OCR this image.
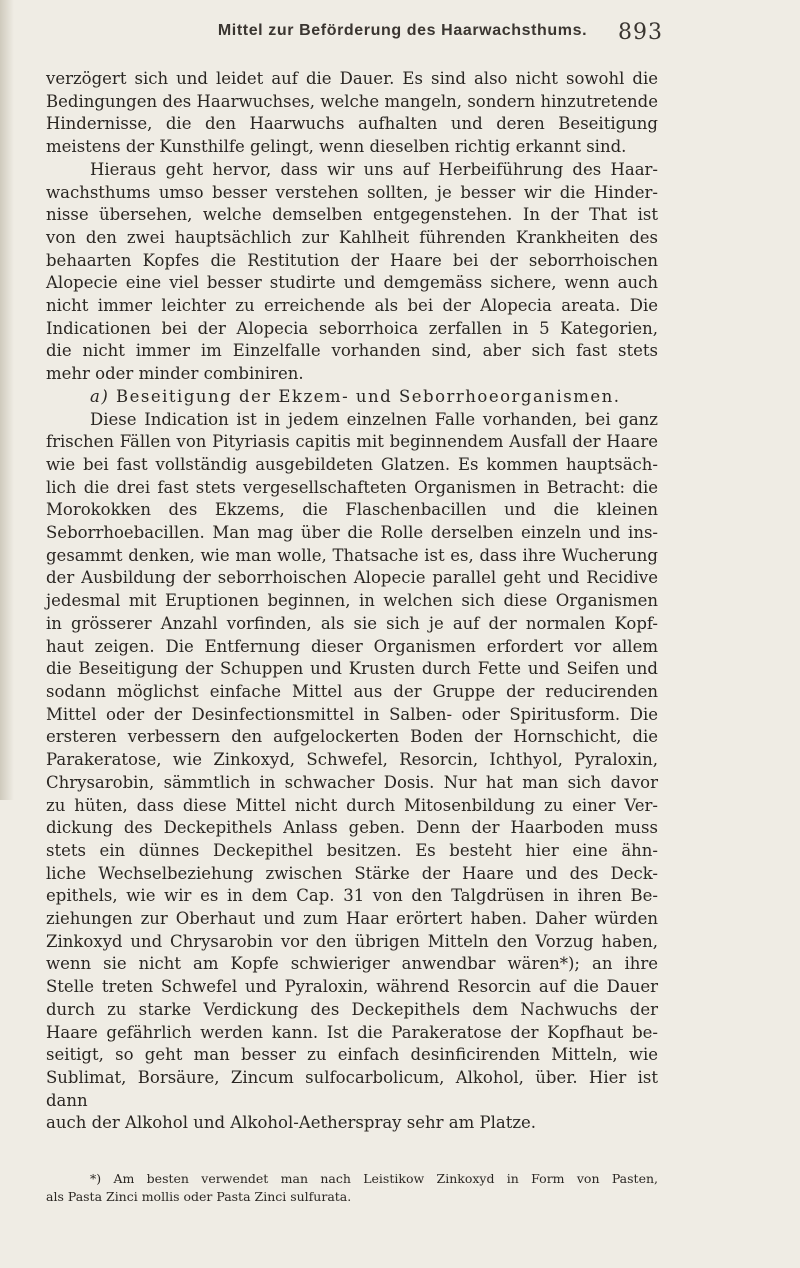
Mittel zur Beförderung des Haarwachsthums.	893
verzögert sich und leidet auf die Dauer. Es sind also nicht sowohl die
Bedingungen des Haarwuchses, welche mangeln, sondern hinzutretende
Hindernisse, die den Haarwuchs aufhalten und deren Beseitigung
meistens der Kunsthilfe gelingt, wenn dieselben richtig erkannt sind.
Hieraus geht hervor, dass wir uns auf Herbeiführung des Haar-
wachsthums umso besser verstehen sollten, je besser wir die Hinder-
nisse übersehen, welche demselben entgegenstehen. In der That ist
von den zwei hauptsächlich zur Kahlheit führenden Krankheiten des
behaarten Kopfes die Restitution der Haare bei der seborrhoischen
Alopecie eine viel besser studirte und demgemäss sichere, wenn auch
nicht immer leichter zu erreichende als bei der Alopecia areata. Die
Indicationen bei der Alopecia seborrhoica zerfallen in 5 Kategorien,
die nicht immer im Einzelfalle vorhanden sind, aber sich fast stets
mehr oder minder combiniren.
a) Beseitigung der Ekzem- und Seborrhoeorganismen.
Diese Indication ist in jedem einzelnen Falle vorhanden, bei ganz
frischen Fällen von Pityriasis capitis mit beginnendem Ausfall der Haare
wie bei fast vollständig ausgebildeten Glatzen. Es kommen hauptsäch-
lich die drei fast stets vergesellschafteten Organismen in Betracht: die
Morokokken des Ekzems, die Flaschenbacillen und die kleinen
Seborrhoebacillen. Man mag über die Rolle derselben einzeln und ins-
gesammt denken, wie man wolle, Thatsache ist es, dass ihre Wucherung
der Ausbildung der seborrhoischen Alopecie parallel geht und Recidive
jedesmal mit Eruptionen beginnen, in welchen sich diese Organismen
in grösserer Anzahl vorfinden, als sie sich je auf der normalen Kopf-
haut zeigen. Die Entfernung dieser Organismen erfordert vor allem
die Beseitigung der Schuppen und Krusten durch Fette und Seifen und
sodann möglichst einfache Mittel aus der Gruppe der reducirenden
Mittel oder der Desinfectionsmittel in Salben- oder Spiritusform. Die
ersteren verbessern den aufgelockerten Boden der Hornschicht, die
Parakeratose, wie Zinkoxyd, Schwefel, Resorcin, Ichthyol, Pyraloxin,
Chrysarobin, sämmtlich in schwacher Dosis. Nur hat man sich davor
zu hüten, dass diese Mittel nicht durch Mitosenbildung zu einer Ver-
dickung des Deckepithels Anlass geben. Denn der Haarboden muss
stets ein dünnes Deckepithel besitzen. Es besteht hier eine ähn-
liche Wechselbeziehung zwischen Stärke der Haare und des Deck-
epithels, wie wir es in dem Cap. 31 von den Talgdrüsen in ihren Be-
ziehungen zur Oberhaut und zum Haar erörtert haben. Daher würden
Zinkoxyd und Chrysarobin vor den übrigen Mitteln den Vorzug haben,
wenn sie nicht am Kopfe schwieriger anwendbar wären*); an ihre
Stelle treten Schwefel und Pyraloxin, während Resorcin auf die Dauer
durch zu starke Verdickung des Deckepithels dem Nachwuchs der
Haare gefährlich werden kann. Ist die Parakeratose der Kopfhaut be-
seitigt, so geht man besser zu einfach desinficirenden Mitteln, wie
Sublimat, Borsäure, Zincum sulfocarbolicum, Alkohol, über. Hier ist dann
auch der Alkohol und Alkohol-Aetherspray sehr am Platze.
*) Am besten verwendet man nach Leistikow Zinkoxyd in Form von Pasten,
als Pasta Zinci mollis oder Pasta Zinci sulfurata.
